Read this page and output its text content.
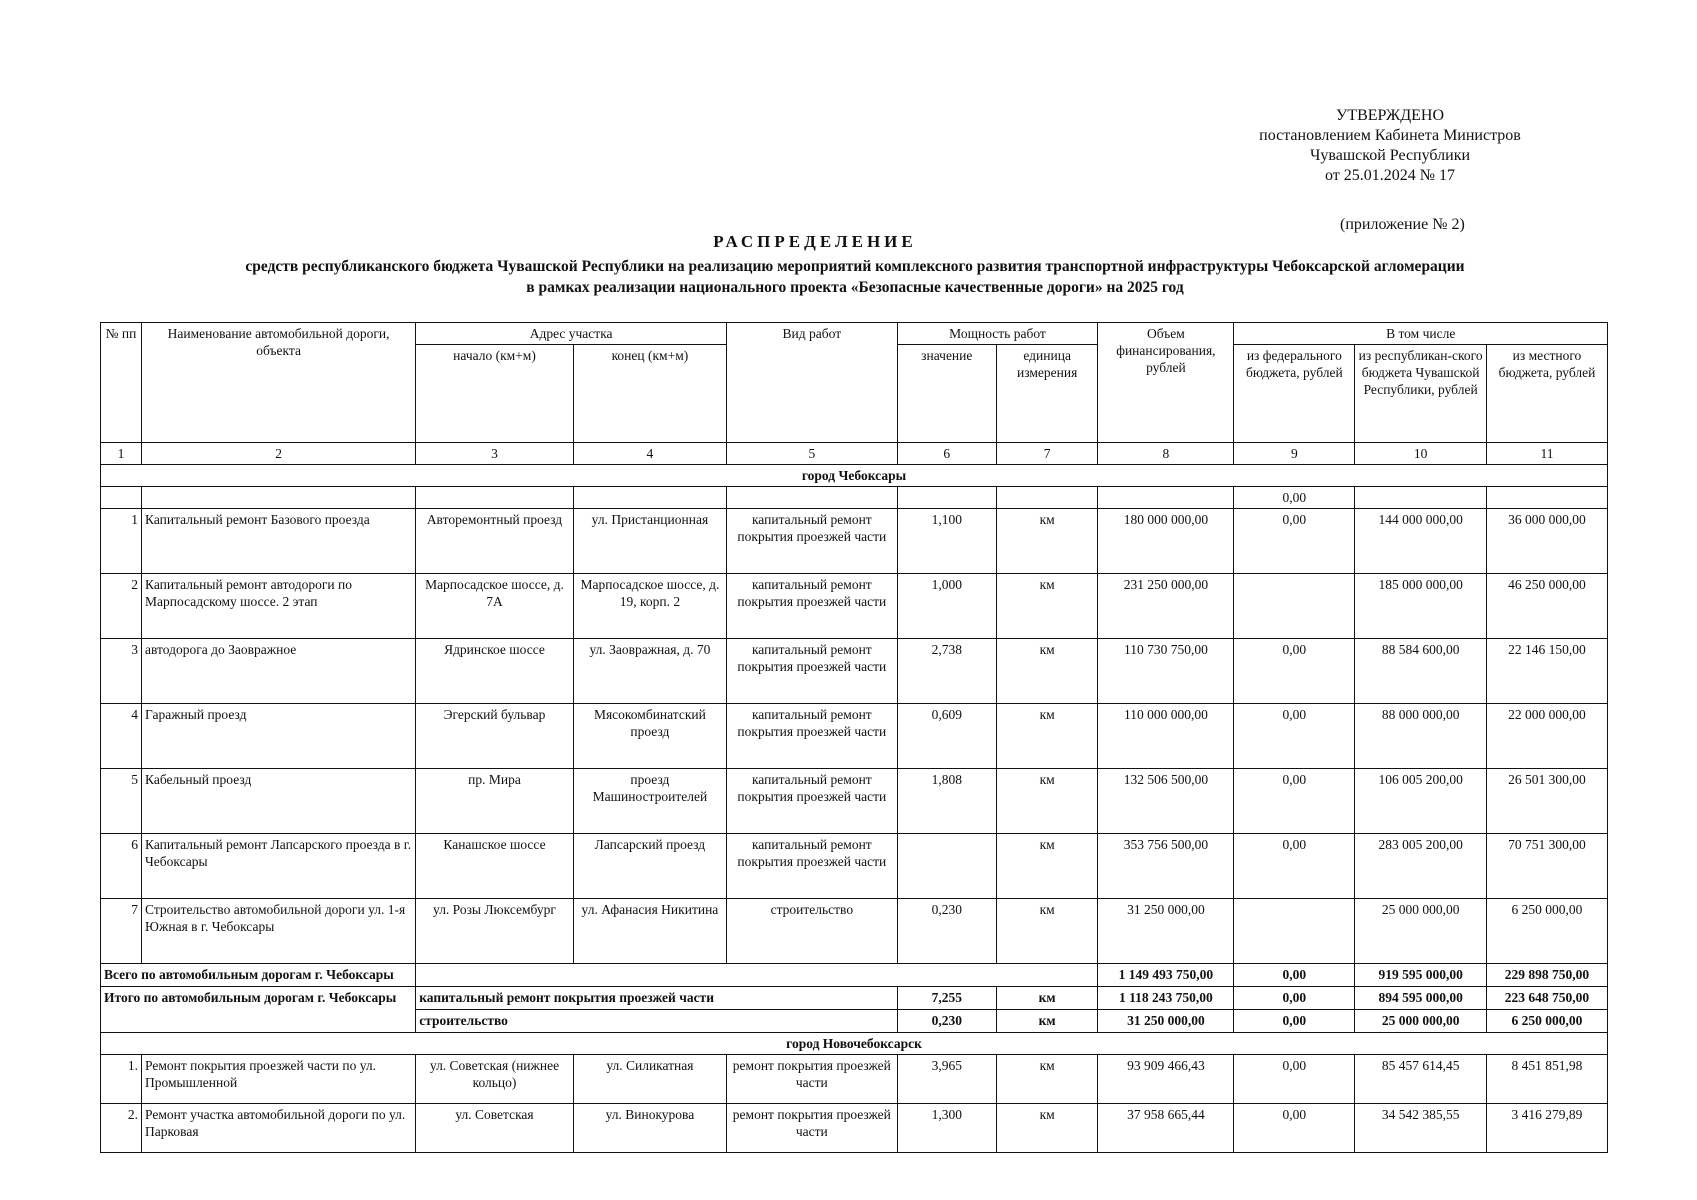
УТВЕРЖДЕНО
постановлением Кабинета Министров
Чувашской Республики
от 25.01.2024 № 17
(приложение № 2)
РАСПРЕДЕЛЕНИЕ
средств республиканского бюджета Чувашской Республики на реализацию мероприятий комплексного развития транспортной инфраструктуры Чебоксарской агломерации
в рамках реализации национального проекта «Безопасные качественные дороги» на 2025 год
№ пп	Наименование автомобильной дороги, объекта	Адрес участка		Вид работ	Мощность работ		Объем финансирования, рублей	В том числе		
		начало (км+м)	конец (км+м)		значение	единица измерения		из федерального бюджета, рублей	из республикан-ского бюджета Чувашской Республики, рублей	из местного бюджета, рублей
1	2	3	4	5	6	7	8	9	10	11
город Чебоксары										
								0,00		
1	Капитальный ремонт Базового проезда	Авторемонтный проезд	ул. Пристанционная	капитальный ремонт покрытия проезжей части	1,100	км	180 000 000,00	0,00	144 000 000,00	36 000 000,00
2	Капитальный ремонт автодороги по Марпосадскому шоссе. 2 этап	Марпосадское шоссе, д. 7А	Марпосадское шоссе, д. 19, корп. 2	капитальный ремонт покрытия проезжей части	1,000	км	231 250 000,00		185 000 000,00	46 250 000,00
3	автодорога до Заовражное	Ядринское шоссе	ул. Заовражная, д. 70	капитальный ремонт покрытия проезжей части	2,738	км	110 730 750,00	0,00	88 584 600,00	22 146 150,00
4	Гаражный проезд	Эгерский бульвар	Мясокомбинатский проезд	капитальный ремонт покрытия проезжей части	0,609	км	110 000 000,00	0,00	88 000 000,00	22 000 000,00
5	Кабельный проезд	пр. Мира	проезд Машиностроителей	капитальный ремонт покрытия проезжей части	1,808	км	132 506 500,00	0,00	106 005 200,00	26 501 300,00
6	Капитальный ремонт Лапсарского проезда в г. Чебоксары	Канашское шоссе	Лапсарский проезд	капитальный ремонт покрытия проезжей части		км	353 756 500,00	0,00	283 005 200,00	70 751 300,00
7	Строительство автомобильной дороги ул. 1-я Южная в г. Чебоксары	ул. Розы Люксембург	ул. Афанасия Никитина	строительство	0,230	км	31 250 000,00		25 000 000,00	6 250 000,00
Всего по автомобильным дорогам г. Чебоксары							1 149 493 750,00	0,00	919 595 000,00	229 898 750,00
Итого по автомобильным дорогам г. Чебоксары		капитальный ремонт покрытия проезжей части			7,255	км	1 118 243 750,00	0,00	894 595 000,00	223 648 750,00
		строительство			0,230	км	31 250 000,00	0,00	25 000 000,00	6 250 000,00
город Новочебоксарск										
1.	Ремонт покрытия проезжей части по ул. Промышленной	ул. Советская (нижнее кольцо)	ул. Силикатная	ремонт покрытия проезжей части	3,965	км	93 909 466,43	0,00	85 457 614,45	8 451 851,98
2.	Ремонт участка автомобильной дороги по ул. Парковая	ул. Советская	ул. Винокурова	ремонт покрытия проезжей части	1,300	км	37 958 665,44	0,00	34 542 385,55	3 416 279,89
